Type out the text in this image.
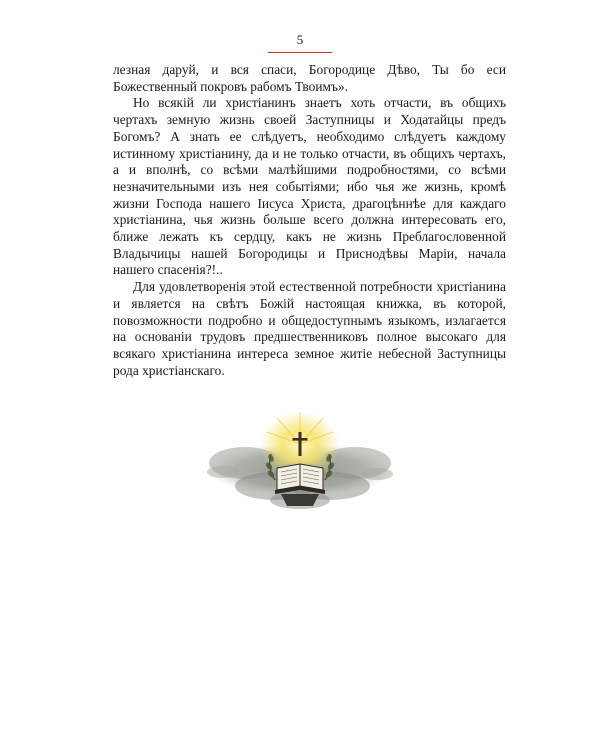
5

лезная даруй, и вся спаси, Богородице Дѣво, Ты бо еси Божественный покровъ рабомъ Твоимъ».

Но всякій ли христіанинъ знаетъ хоть отчасти, въ общихъ чертахъ земную жизнь своей Заступницы и Ходатайцы предъ Богомъ? А знать ее слѣдуетъ, необходимо слѣдуетъ каждому истинному христіанину, да и не только отчасти, въ общихъ чертахъ, а и вполнѣ, со всѣми малѣйшими подробностями, со всѣми незначительными изъ нея событіями; ибо чья же жизнь, кромѣ жизни Господа нашего Іисуса Христа, драгоцѣннѣе для каждаго христіанина, чья жизнь больше всего должна интересовать его, ближе лежать къ сердцу, какъ не жизнь Преблагословенной Владычицы нашей Богородицы и Приснодѣвы Маріи, начала нашего спасенія?!..

Для удовлетворенія этой естественной потребности христіанина и является на свѣтъ Божій настоящая книжка, въ которой, повозможности подробно и общедоступнымъ языкомъ, излагается на основаніи трудовъ предшественниковъ полное высокаго для всякаго христіанина интереса земное житіе небесной Заступницы рода христіанскаго.
